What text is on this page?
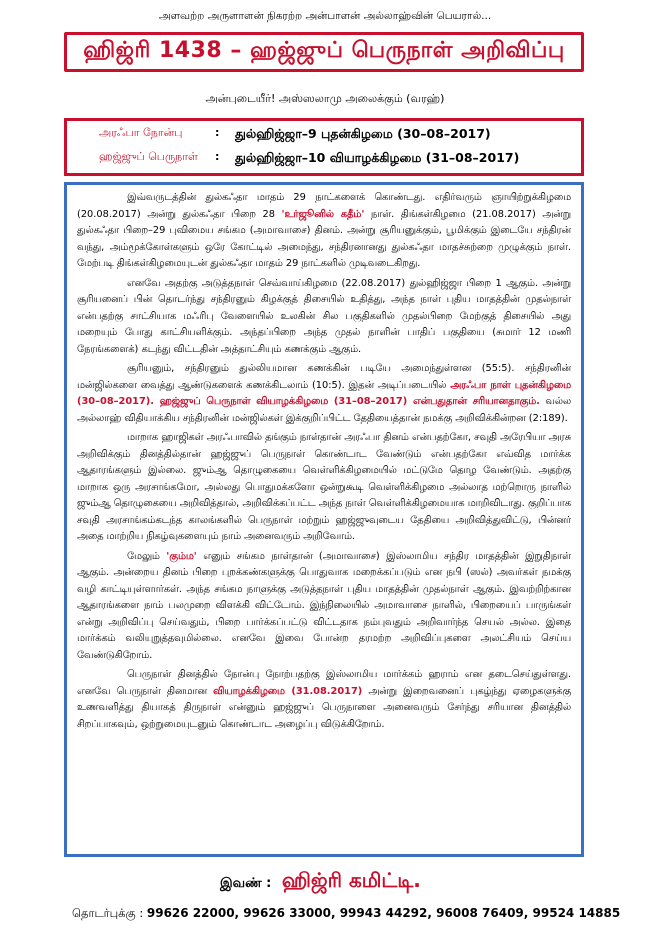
அளவற்ற அருளாளன் நிகரற்ற அன்பாளன் அல்லாஹ்வின் பெயரால்...
ஹிஜ்ரி 1438 – ஹஜ்ஜுப் பெருநாள் அறிவிப்பு
அன்புடையீர்! அஸ்ஸலாமு அலைக்கும் (வரஹ்)
அரஃபா நோன்பு	: துல்ஹிஜ்ஜா–9 புதன்கிழமை (30–08–2017)
ஹஜ்ஜுப் பெருநாள் : துல்ஹிஜ்ஜா–10 வியாழக்கிழமை (31–08–2017)

இவ்வருடத்தின் துல்கஃதா மாதம் 29 நாட்களைக் கொண்டது. எதிர்வரும் ஞாயிற்றுக்கிழமை (20.08.2017) அன்று துல்கஃதா பிறை 28 'உர்ஜூனில் கதீம்' நாள். திங்கள்கிழமை (21.08.2017) அன்று துல்கஃதா பிறை–29 புவிமைய சங்கம (அமாவாசை) தினம். அன்று சூரியனுக்கும், பூமிக்கும் இடையே சந்திரன் வந்து, அம்மூக்கோள்களும் ஒரே கோட்டில் அமைந்து, சந்திரனானது துல்கஃதா மாதச்சுற்றை முழுக்கும் நாள். மேற்படி திங்கள்கிழமையுடன் துல்கஃதா மாதம் 29 நாட்களில் முடிவடைகிறது.

எனவே அதற்கு அடுத்தநாள் செவ்வாய்கிழமை (22.08.2017) துல்ஹிஜ்ஜா பிறை 1 ஆகும். அன்று சூரியனைப் பின் தொடர்ந்து சந்திரனும் கிழக்குத் திசையில் உதித்து, அந்த நாள் புதிய மாதத்தின் முதல்நாள் என்பதற்கு சாட்சியாக மஃரிபு வேளையில் உலகின் சில பகுதிகளில் முதல்பிறை மேற்குத் திசையில் அது மறையும் போது காட்சியளிக்கும். அந்தப்பிறை அந்த முதல் நாளின் பாதிப் பகுதியை (சுமார் 12 மணி நேரங்களைக்) கடந்து விட்டதின் அத்தாட்சியும் கணக்கும் ஆகும்.

சூரியனும், சந்திரனும் துல்லியமான கணக்கின் படியே அமைந்துள்ளன (55:5). சந்திரனின் மன்ஜில்களை வைத்து ஆண்டுகளைக் கணக்கிடலாம் (10:5). இதன் அடிப்படையில் அரஃபா நாள் புதன்கிழமை (30–08–2017). ஹஜ்ஜுப் பெருநாள் வியாழக்கிழமை (31–08–2017) என்பதுதான் சரியானதாகும். வல்ல அல்லாஹ் விதியாக்கிய சந்திரனின் மன்ஜில்கள் இக்குறிப்பிட்ட தேதியைத்தான் நமக்கு அறிவிக்கின்றன (2:189).

மாறாக ஹாஜிகள் அரஃபாவில் தங்கும் நாள்தான் அரஃபா தினம் என்பதற்கோ, சவுதி அரேபியா அரசு அறிவிக்கும் தினத்தில்தான் ஹஜ்ஜுப் பெருநாள் கொண்டாட வேண்டும் என்பதற்கோ எவ்வித மார்க்க ஆதாரங்களும் இல்லை. ஜும்ஆ தொழுகையை வெள்ளிக்கிழமையில் மட்டுமே தொழ வேண்டும். அதற்கு மாறாக ஒரு அரசாங்கமோ, அல்லது பொதுமக்களோ ஒன்றுகூடி வெள்ளிக்கிழமை அல்லாத மற்றொரு நாளில் ஜும்ஆ தொழுகையை அறிவித்தால், அறிவிக்கப்பட்ட அந்த நாள் வெள்ளிக்கிழமையாக மாறிவிடாது. குறிப்பாக சவுதி அரசாங்கம்கடந்த காலங்களில் பெருநாள் மற்றும் ஹஜ்ஜுவுடைய தேதியை அறிவித்துவிட்டு, பின்னர் அதை மாற்றிய நிகழ்வுகளையும் நாம் அனைவரும் அறிவோம்.

மேலும் 'கும்ம' எனும் சங்கம நாள்தான் (அமாவாசை) இஸ்லாமிய சந்திர மாதத்தின் இறுதிநாள் ஆகும். அன்றைய தினம் பிறை புறக்கண்களுக்கு பொதுவாக மறைக்கப்படும் என நபி (ஸல்) அவர்கள் நமக்கு வழி காட்டியுள்ளார்கள். அந்த சங்கம நாளுக்கு அடுத்தநாள் புதிய மாதத்தின் முதல்நாள் ஆகும். இவற்றிற்கான ஆதாரங்களை நாம் பலமுறை விளக்கி விட்டோம். இந்நிலையில் அமாவாசை நாளில், பிறையைப் பாருங்கள் என்று அறிவிப்பு செய்வதும், பிறை பார்க்கப்பட்டு விட்டதாக நம்புவதும் அறிவார்ந்த செயல் அல்ல. இதை மார்க்கம் வலியுறுத்தவுமில்லை. எனவே இவை போன்ற தரமற்ற அறிவிப்புகளை அலட்சியம் செய்ய வேண்டுகிறோம்.

பெருநாள் தினத்தில் நோன்பு நோற்பதற்கு இஸ்லாமிய மார்க்கம் ஹராம் என தடைசெய்துள்ளது. எனவே பெருநாள் தினமான வியாழக்கிழமை (31.08.2017) அன்று இறைவனைப் புகழ்ந்து ஏழைகளுக்கு உணவளித்து தியாகத் திருநாள் என்னும் ஹஜ்ஜுப் பெருநாளை அனைவரும் சேர்ந்து சரியான தினத்தில் சிறப்பாகவும், ஒற்றுமையுடனும் கொண்டாட அழைப்பு விடுக்கிறோம்.

இவண் : ஹிஜ்ரி கமிட்டி.
தொடர்புக்கு : 99626 22000, 99626 33000, 99943 44292, 96008 76409, 99524 14885
